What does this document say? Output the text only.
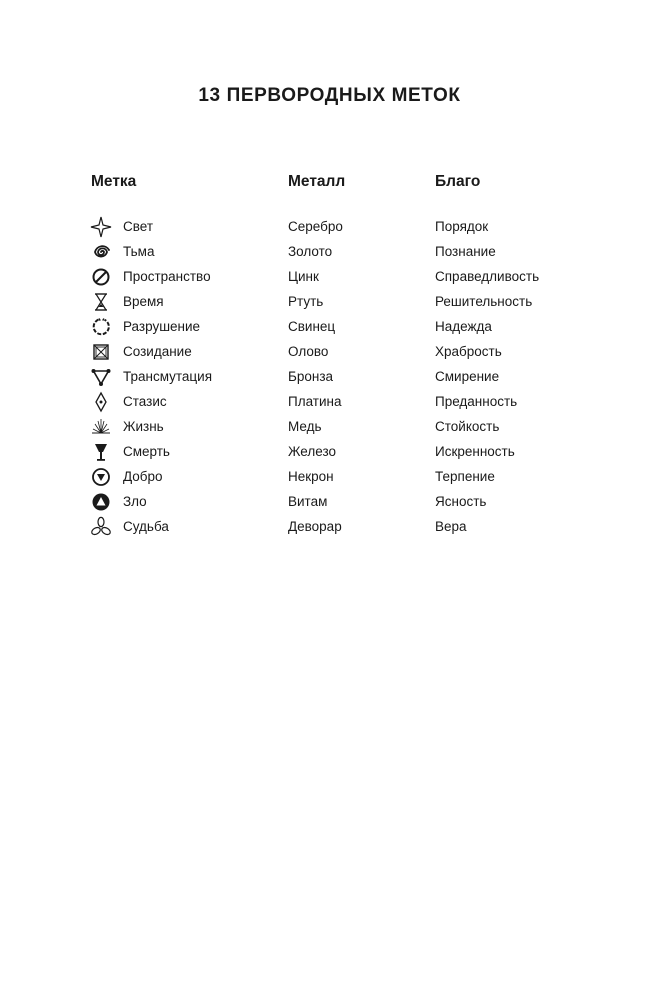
13 ПЕРВОРОДНЫХ МЕТОК
Метка	Металл	Благо
Свет	Серебро	Порядок
Тьма	Золото	Познание
Пространство	Цинк	Справедливость
Время	Ртуть	Решительность
Разрушение	Свинец	Надежда
Созидание	Олово	Храбрость
Трансмутация	Бронза	Смирение
Стазис	Платина	Преданность
Жизнь	Медь	Стойкость
Смерть	Железо	Искренность
Добро	Некрон	Терпение
Зло	Витам	Ясность
Судьба	Деворар	Вера
